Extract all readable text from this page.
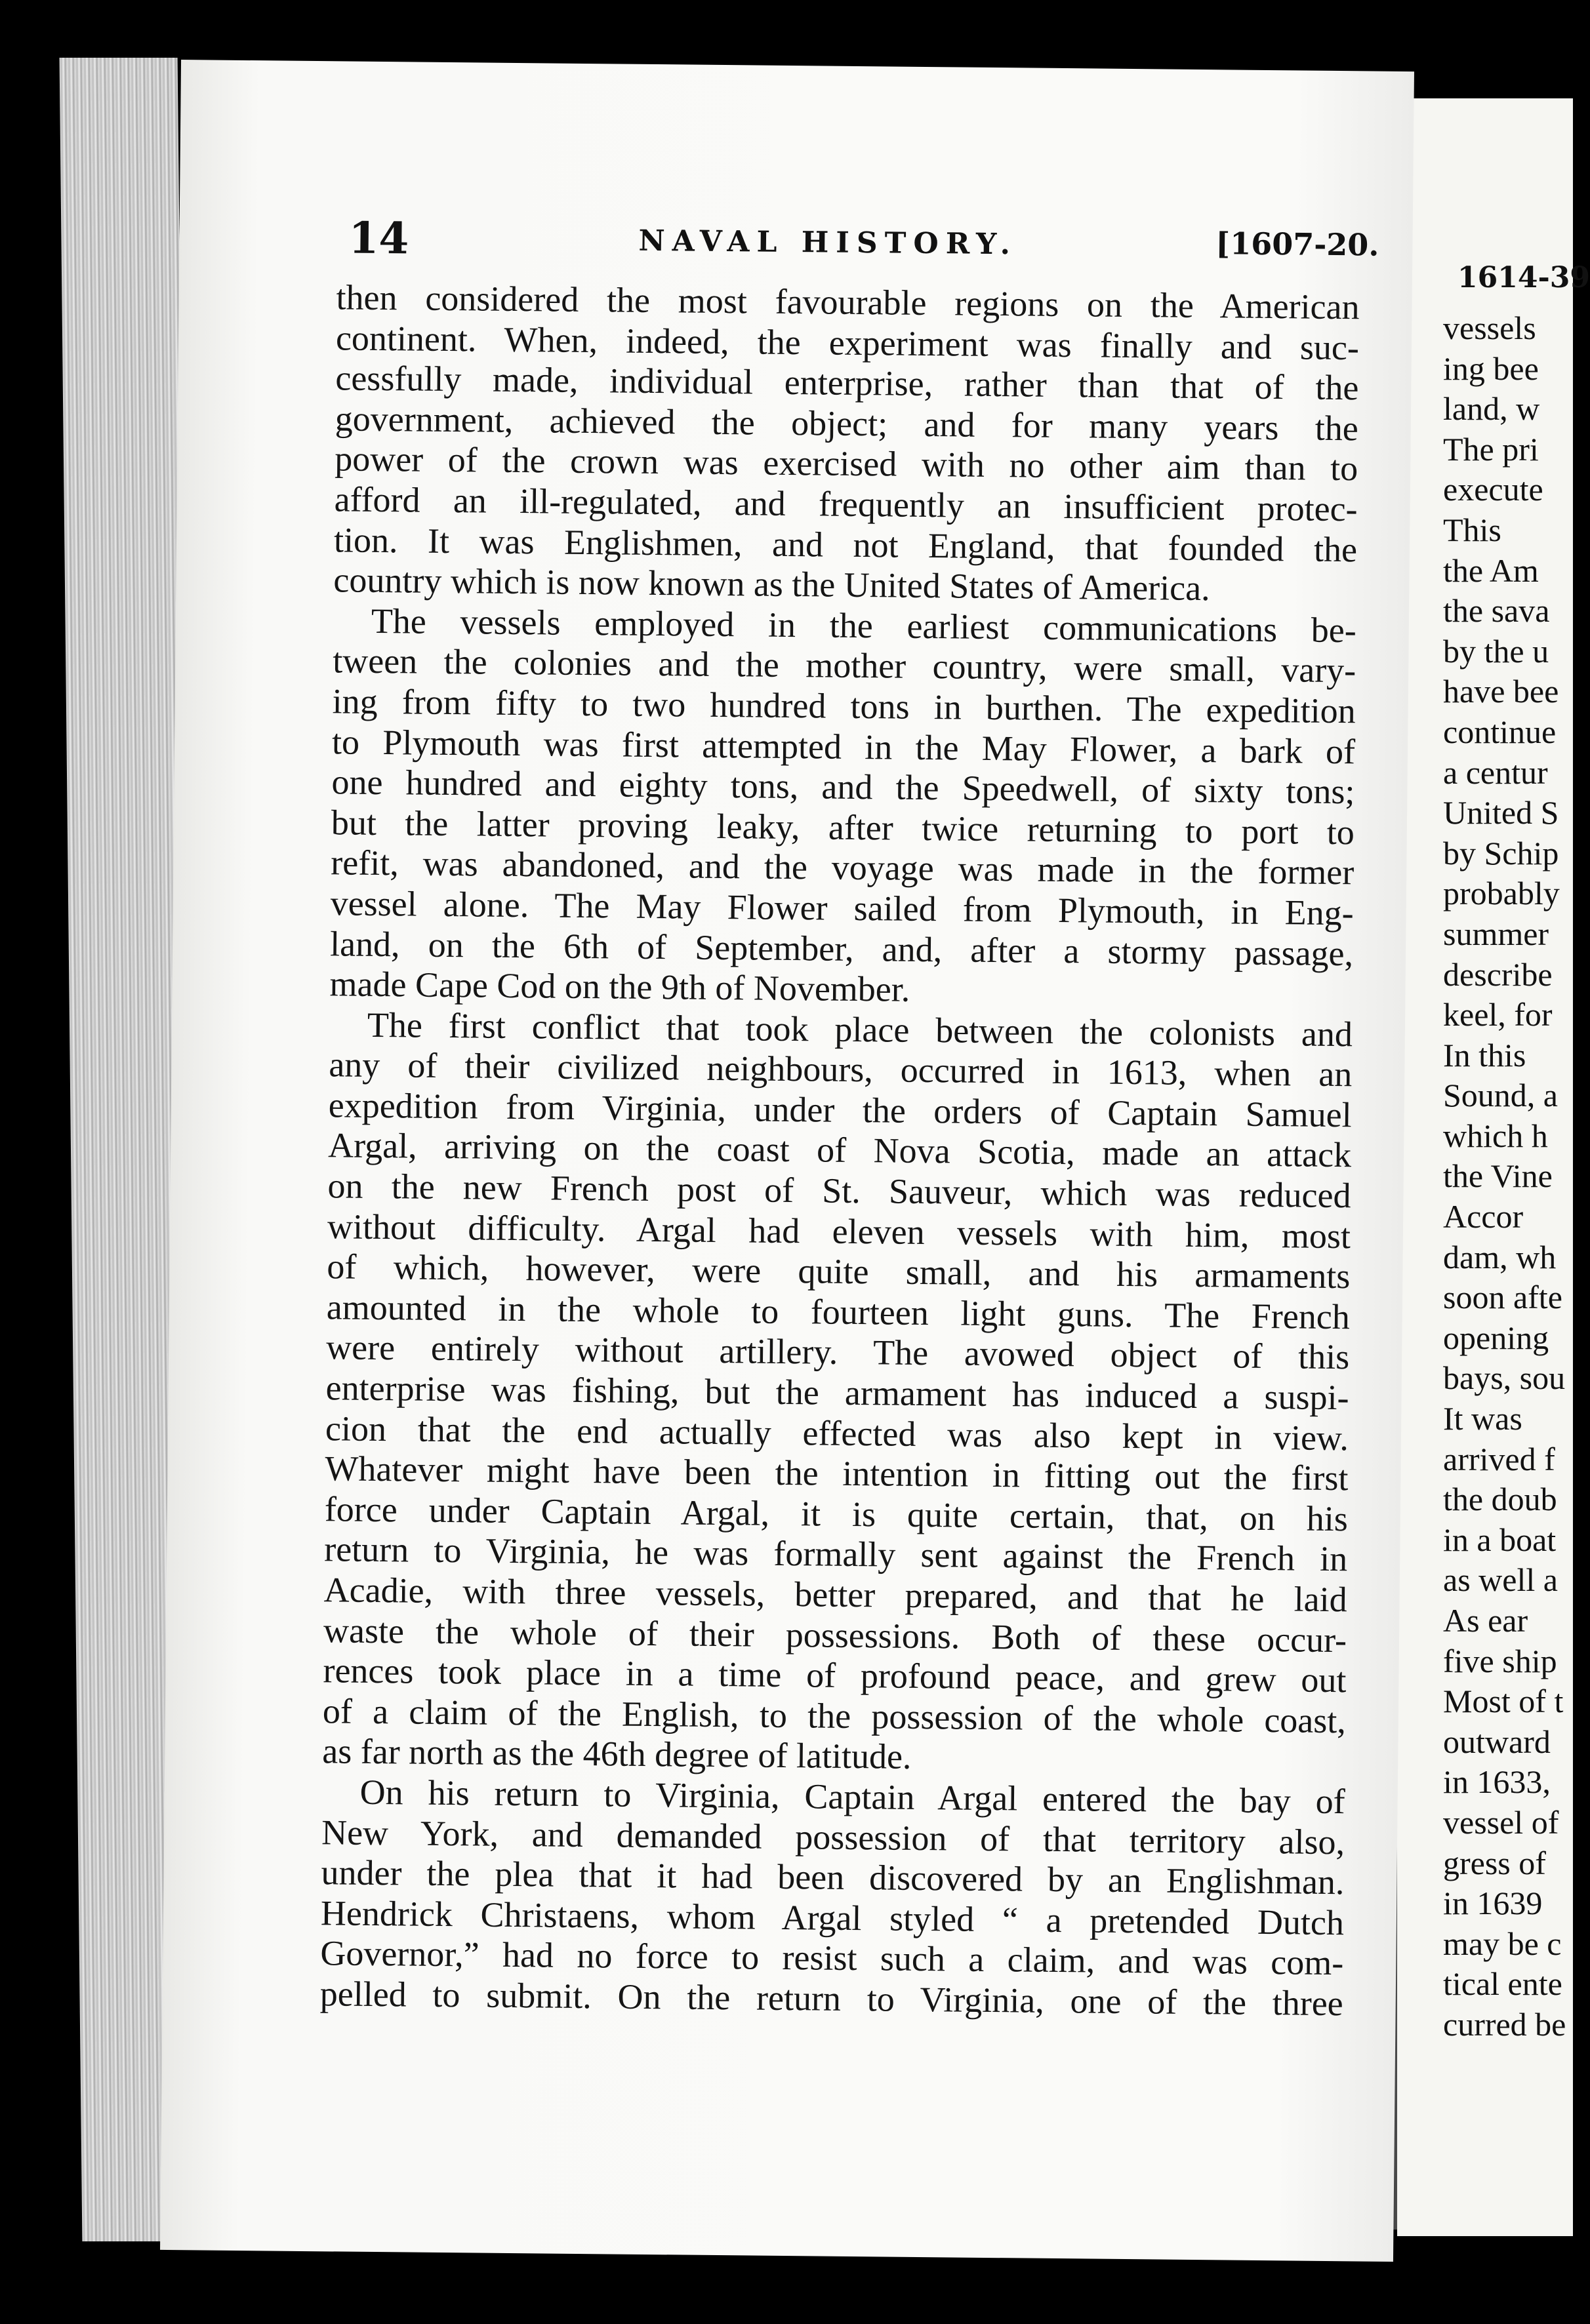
1614-39
vessels
ing bee
land, w
The pri
execute
This
the Am
the sava
by the u
have bee
continue
a centur
United S
by Schip
probably
summer
describe
keel, for
In this
Sound, a
which h
the Vine
Accor
dam, wh
soon afte
opening
bays, sou
It was
arrived f
the doub
in a boat
as well a
As ear
five ship
Most of t
outward
in 1633,
vessel of
gress of
in 1639
may be c
tical ente
curred be
14	NAVAL HISTORY.	[1607-20.
then considered the most favourable regions on the American
continent. When, indeed, the experiment was finally and suc-
cessfully made, individual enterprise, rather than that of the
government, achieved the object; and for many years the
power of the crown was exercised with no other aim than to
afford an ill-regulated, and frequently an insufficient protec-
tion. It was Englishmen, and not England, that founded the
country which is now known as the United States of America.
The vessels employed in the earliest communications be-
tween the colonies and the mother country, were small, vary-
ing from fifty to two hundred tons in burthen. The expedition
to Plymouth was first attempted in the May Flower, a bark of
one hundred and eighty tons, and the Speedwell, of sixty tons;
but the latter proving leaky, after twice returning to port to
refit, was abandoned, and the voyage was made in the former
vessel alone. The May Flower sailed from Plymouth, in Eng-
land, on the 6th of September, and, after a stormy passage,
made Cape Cod on the 9th of November.
The first conflict that took place between the colonists and
any of their civilized neighbours, occurred in 1613, when an
expedition from Virginia, under the orders of Captain Samuel
Argal, arriving on the coast of Nova Scotia, made an attack
on the new French post of St. Sauveur, which was reduced
without difficulty. Argal had eleven vessels with him, most
of which, however, were quite small, and his armaments
amounted in the whole to fourteen light guns. The French
were entirely without artillery. The avowed object of this
enterprise was fishing, but the armament has induced a suspi-
cion that the end actually effected was also kept in view.
Whatever might have been the intention in fitting out the first
force under Captain Argal, it is quite certain, that, on his
return to Virginia, he was formally sent against the French in
Acadie, with three vessels, better prepared, and that he laid
waste the whole of their possessions. Both of these occur-
rences took place in a time of profound peace, and grew out
of a claim of the English, to the possession of the whole coast,
as far north as the 46th degree of latitude.
On his return to Virginia, Captain Argal entered the bay of
New York, and demanded possession of that territory also,
under the plea that it had been discovered by an Englishman.
Hendrick Christaens, whom Argal styled “ a pretended Dutch
Governor,” had no force to resist such a claim, and was com-
pelled to submit. On the return to Virginia, one of the three
